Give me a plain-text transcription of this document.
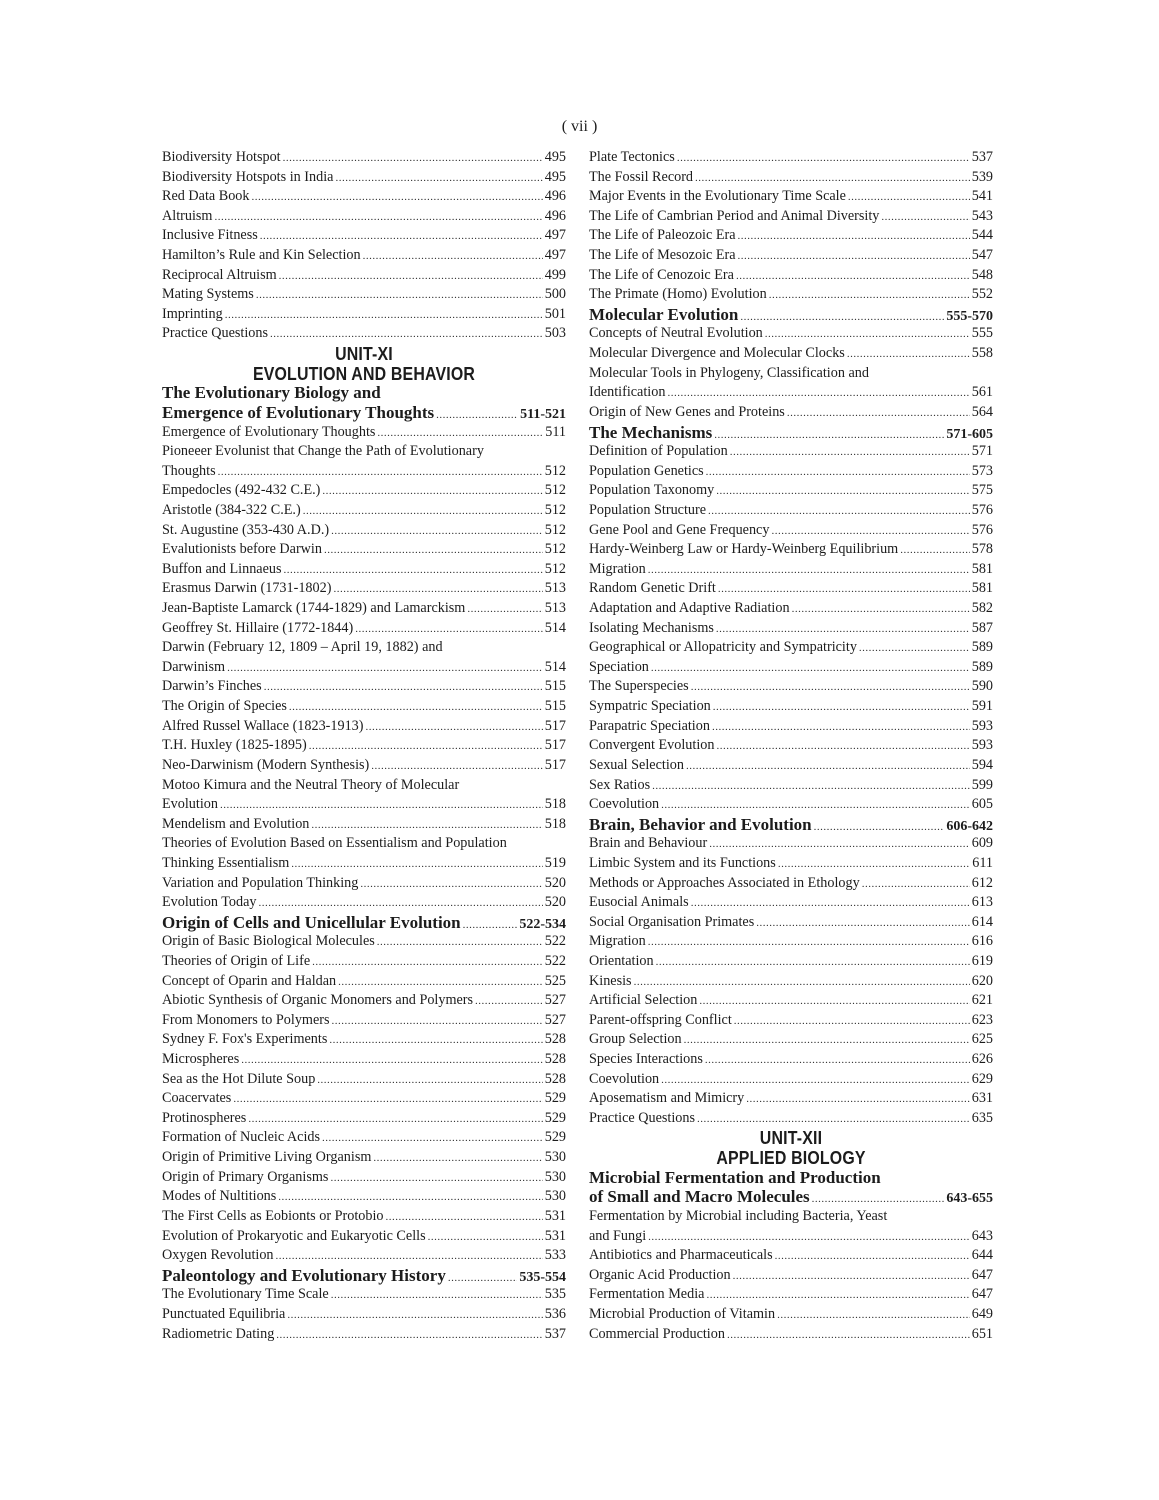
( vii )
Biodiversity Hotspot .....	495
Biodiversity Hotspots in India .....	495
Red Data Book .....	496
Altruism .....	496
Inclusive Fitness .....	497
Hamilton’s Rule and Kin Selection .....	497
Reciprocal Altruism .....	499
Mating Systems .....	500
Imprinting .....	501
Practice Questions .....	503
UNIT-XI
EVOLUTION AND BEHAVIOR
The Evolutionary Biology and
Emergence of Evolutionary Thoughts .....	511-521
Emergence of Evolutionary Thoughts .....	511
Pioneeer Evolunist that Change the Path of Evolutionary
Thoughts .....	512
Empedocles (492-432 C.E.) .....	512
Aristotle (384-322 C.E.) .....	512
St. Augustine (353-430 A.D.) .....	512
Evalutionists before Darwin .....	512
Buffon and Linnaeus .....	512
Erasmus Darwin (1731-1802) .....	513
Jean-Baptiste Lamarck (1744-1829) and Lamarckism .....	513
Geoffrey St. Hillaire (1772-1844) .....	514
Darwin (February 12, 1809 – April 19, 1882) and
Darwinism .....	514
Darwin’s Finches .....	515
The Origin of Species .....	515
Alfred Russel Wallace (1823-1913) .....	517
T.H. Huxley (1825-1895) .....	517
Neo-Darwinism (Modern Synthesis) .....	517
Motoo Kimura and the Neutral Theory of Molecular
Evolution .....	518
Mendelism and Evolution .....	518
Theories of Evolution Based on Essentialism and Population
Thinking Essentialism .....	519
Variation and Population Thinking .....	520
Evolution Today .....	520
Origin of Cells and Unicellular Evolution .....	522-534
Origin of Basic Biological Molecules .....	522
Theories of Origin of Life .....	522
Concept of Oparin and Haldan .....	525
Abiotic Synthesis of Organic Monomers and Polymers .....	527
From Monomers to Polymers .....	527
Sydney F. Fox's Experiments .....	528
Microspheres .....	528
Sea as the Hot Dilute Soup .....	528
Coacervates .....	529
Protinospheres .....	529
Formation of Nucleic Acids .....	529
Origin of Primitive Living Organism .....	530
Origin of Primary Organisms .....	530
Modes of Nultitions .....	530
The First Cells as Eobionts or Protobio .....	531
Evolution of Prokaryotic and Eukaryotic Cells .....	531
Oxygen Revolution .....	533
Paleontology and Evolutionary History .....	535-554
The Evolutionary Time Scale .....	535
Punctuated Equilibria .....	536
Radiometric Dating .....	537
Plate Tectonics .....	537
The Fossil Record .....	539
Major Events in the Evolutionary Time Scale .....	541
The Life of Cambrian Period and Animal Diversity .....	543
The Life of Paleozoic Era .....	544
The Life of Mesozoic Era .....	547
The Life of Cenozoic Era .....	548
The Primate (Homo) Evolution .....	552
Molecular Evolution .....	555-570
Concepts of Neutral Evolution .....	555
Molecular Divergence and Molecular Clocks .....	558
Molecular Tools in Phylogeny, Classification and
Identification .....	561
Origin of New Genes and Proteins .....	564
The Mechanisms .....	571-605
Definition of Population .....	571
Population Genetics .....	573
Population Taxonomy .....	575
Population Structure .....	576
Gene Pool and Gene Frequency .....	576
Hardy-Weinberg Law or Hardy-Weinberg Equilibrium .....	578
Migration .....	581
Random Genetic Drift .....	581
Adaptation and Adaptive Radiation .....	582
Isolating Mechanisms .....	587
Geographical or Allopatricity and Sympatricity .....	589
Speciation .....	589
The Superspecies .....	590
Sympatric Speciation .....	591
Parapatric Speciation .....	593
Convergent Evolution .....	593
Sexual Selection .....	594
Sex Ratios .....	599
Coevolution .....	605
Brain, Behavior and Evolution .....	606-642
Brain and Behaviour .....	609
Limbic System and its Functions .....	611
Methods or Approaches Associated in Ethology .....	612
Eusocial Animals .....	613
Social Organisation Primates .....	614
Migration .....	616
Orientation .....	619
Kinesis .....	620
Artificial Selection .....	621
Parent-offspring Conflict .....	623
Group Selection .....	625
Species Interactions .....	626
Coevolution .....	629
Aposematism and Mimicry .....	631
Practice Questions .....	635
UNIT-XII
APPLIED BIOLOGY
Microbial Fermentation and Production
of Small and Macro Molecules .....	643-655
Fermentation by Microbial including Bacteria, Yeast
and Fungi .....	643
Antibiotics and Pharmaceuticals .....	644
Organic Acid Production .....	647
Fermentation Media .....	647
Microbial Production of Vitamin .....	649
Commercial Production .....	651
